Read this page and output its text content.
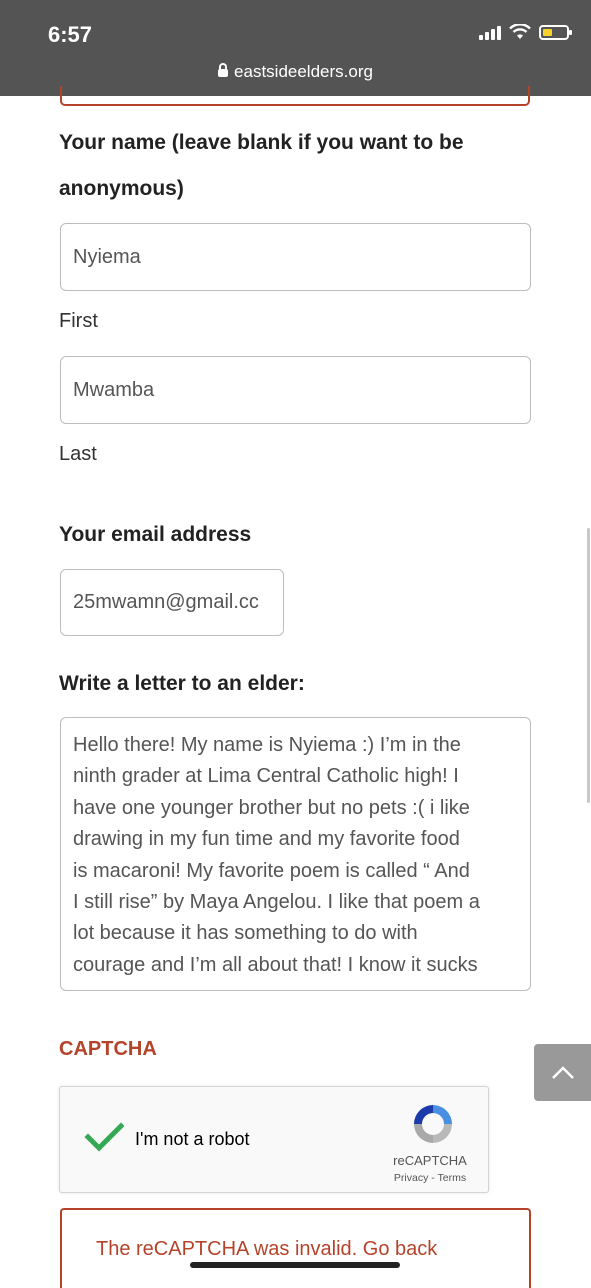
6:57
eastsideelders.org
Your name (leave blank if you want to be
anonymous)
Nyiema
First
Mwamba
Last
Your email address
25mwamn@gmail.cc
Write a letter to an elder:
Hello there! My name is Nyiema :) I’m in the
ninth grader at Lima Central Catholic high! I
have one younger brother but no pets :( i like
drawing in my fun time and my favorite food
is macaroni! My favorite poem is called “ And
I still rise” by Maya Angelou. I like that poem a
lot because it has something to do with
courage and I’m all about that! I know it sucks
CAPTCHA
I'm not a robot
reCAPTCHA
Privacy - Terms
The reCAPTCHA was invalid. Go back
